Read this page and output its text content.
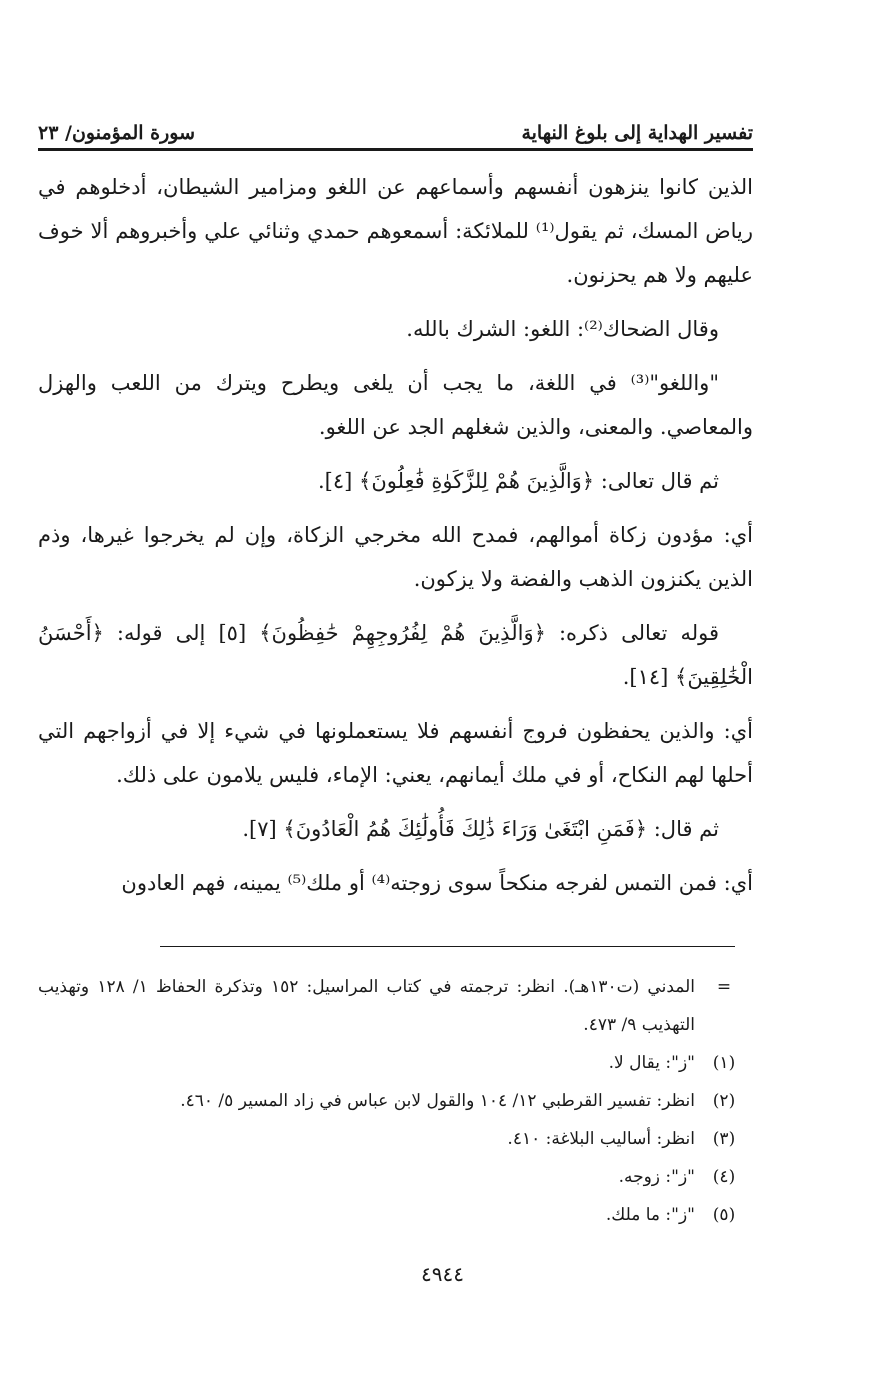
تفسير الهداية إلى بلوغ النهاية
سورة المؤمنون/ ٢٣

الذين كانوا ينزهون أنفسهم وأسماعهم عن اللغو ومزامير الشيطان، أدخلوهم في رياض المسك، ثم يقول⁽¹⁾ للملائكة: أسمعوهم حمدي وثنائي علي وأخبروهم ألا خوف عليهم ولا هم يحزنون.

وقال الضحاك⁽²⁾: اللغو: الشرك بالله.

"واللغو"⁽³⁾ في اللغة، ما يجب أن يلغى ويطرح ويترك من اللعب والهزل والمعاصي. والمعنى، والذين شغلهم الجد عن اللغو.

ثم قال تعالى: ﴿وَالَّذِينَ هُمْ لِلزَّكَوٰةِ فَٰعِلُونَ﴾ [٤].

أي: مؤدون زكاة أموالهم، فمدح الله مخرجي الزكاة، وإن لم يخرجوا غيرها، وذم الذين يكنزون الذهب والفضة ولا يزكون.

قوله تعالى ذكره: ﴿وَالَّذِينَ هُمْ لِفُرُوجِهِمْ حَٰفِظُونَ﴾ [٥] إلى قوله: ﴿أَحْسَنُ الْخَٰلِقِينَ﴾ [١٤].

أي: والذين يحفظون فروج أنفسهم فلا يستعملونها في شيء إلا في أزواجهم التي أحلها لهم النكاح، أو في ملك أيمانهم، يعني: الإماء، فليس يلامون على ذلك.

ثم قال: ﴿فَمَنِ ابْتَغَىٰ وَرَاءَ ذَٰلِكَ فَأُولَٰئِكَ هُمُ الْعَادُونَ﴾ [٧].

أي: فمن التمس لفرجه منكحاً سوى زوجته⁽⁴⁾ أو ملك⁽⁵⁾ يمينه، فهم العادون

=
المدني (ت١٣٠هـ). انظر: ترجمته في كتاب المراسيل: ١٥٢ وتذكرة الحفاظ ١/ ١٢٨ وتهذيب التهذيب ٩/ ٤٧٣.
(١)
"ز": يقال لا.
(٢)
انظر: تفسير القرطبي ١٢/ ١٠٤ والقول لابن عباس في زاد المسير ٥/ ٤٦٠.
(٣)
انظر: أساليب البلاغة: ٤١٠.
(٤)
"ز": زوجه.
(٥)
"ز": ما ملك.
٤٩٤٤
